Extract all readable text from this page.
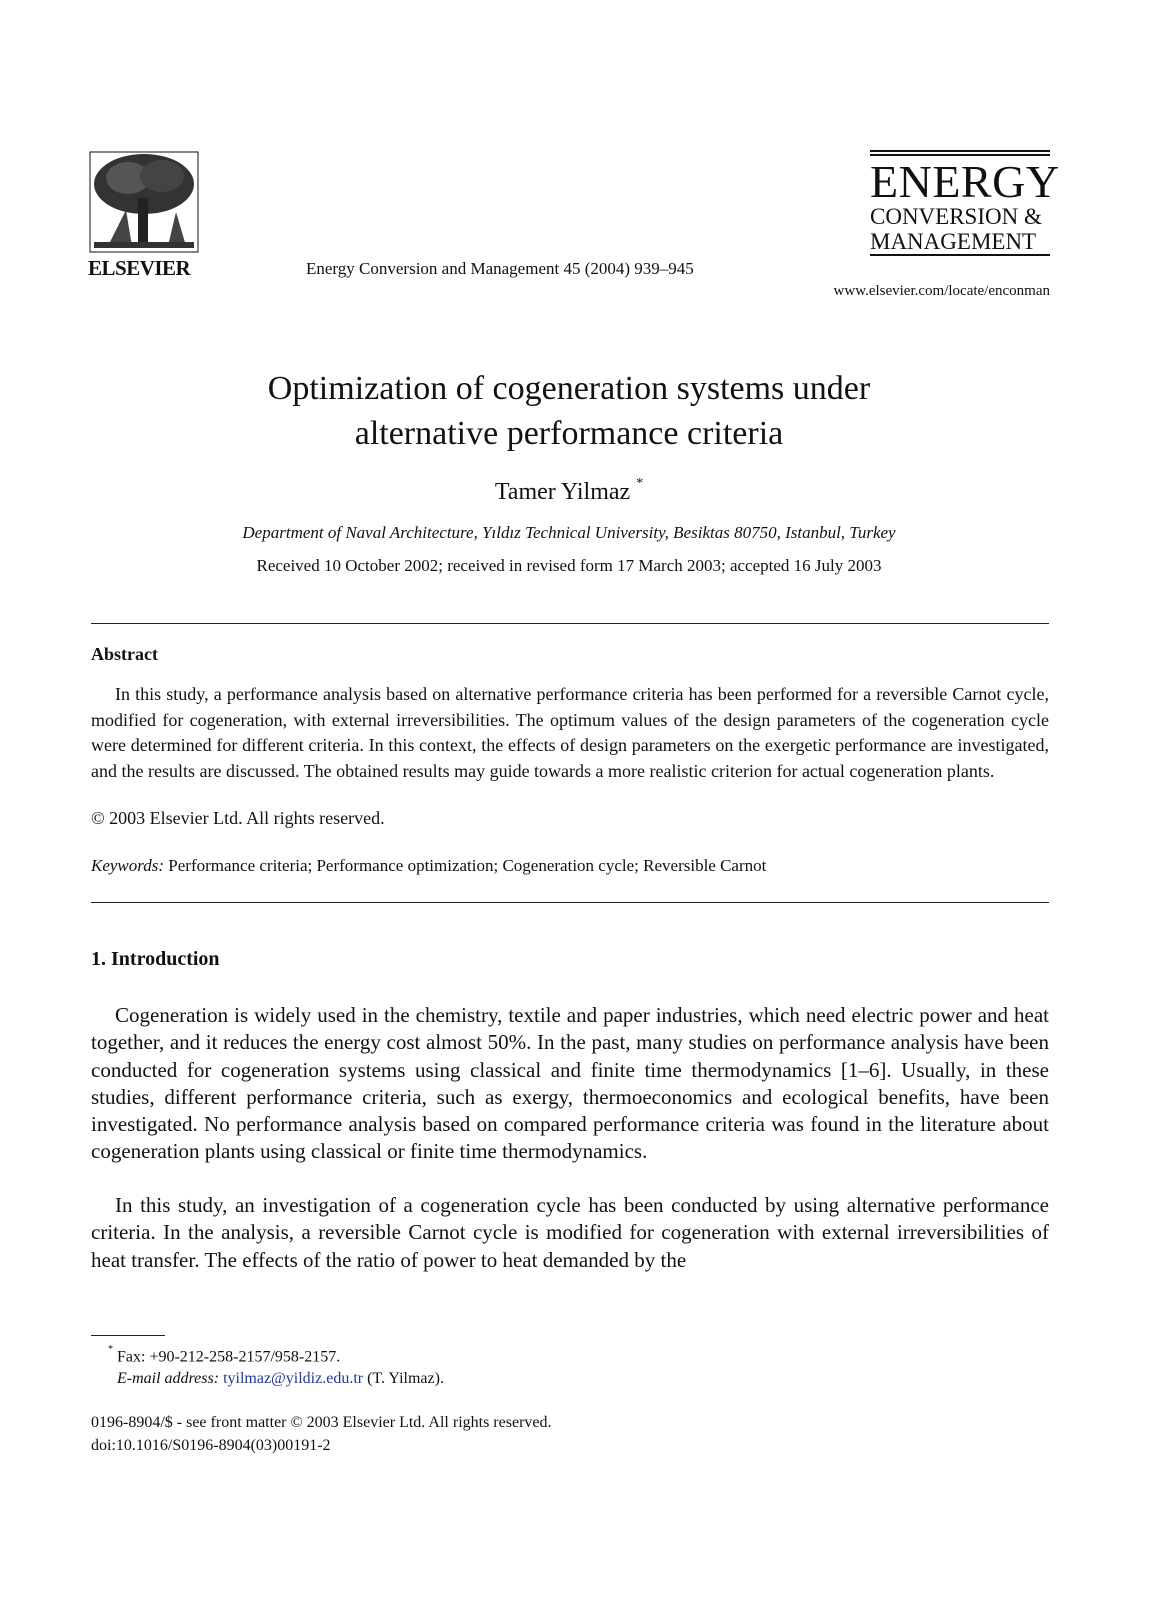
ELSEVIER	Energy Conversion and Management 45 (2004) 939–945
ENERGY
CONVERSION &
MANAGEMENT
www.elsevier.com/locate/enconman
Optimization of cogeneration systems under
alternative performance criteria
Tamer Yilmaz *
Department of Naval Architecture, Yıldız Technical University, Besiktas 80750, Istanbul, Turkey
Received 10 October 2002; received in revised form 17 March 2003; accepted 16 July 2003
Abstract
In this study, a performance analysis based on alternative performance criteria has been performed for a reversible Carnot cycle, modified for cogeneration, with external irreversibilities. The optimum values of the design parameters of the cogeneration cycle were determined for different criteria. In this context, the effects of design parameters on the exergetic performance are investigated, and the results are discussed. The obtained results may guide towards a more realistic criterion for actual cogeneration plants.
© 2003 Elsevier Ltd. All rights reserved.
Keywords: Performance criteria; Performance optimization; Cogeneration cycle; Reversible Carnot
1. Introduction
Cogeneration is widely used in the chemistry, textile and paper industries, which need electric power and heat together, and it reduces the energy cost almost 50%. In the past, many studies on performance analysis have been conducted for cogeneration systems using classical and finite time thermodynamics [1–6]. Usually, in these studies, different performance criteria, such as exergy, thermoeconomics and ecological benefits, have been investigated. No performance analysis based on compared performance criteria was found in the literature about cogeneration plants using classical or finite time thermodynamics.
In this study, an investigation of a cogeneration cycle has been conducted by using alternative performance criteria. In the analysis, a reversible Carnot cycle is modified for cogeneration with external irreversibilities of heat transfer. The effects of the ratio of power to heat demanded by the
* Fax: +90-212-258-2157/958-2157.
E-mail address: tyilmaz@yildiz.edu.tr (T. Yilmaz).
0196-8904/$ - see front matter © 2003 Elsevier Ltd. All rights reserved.
doi:10.1016/S0196-8904(03)00191-2
